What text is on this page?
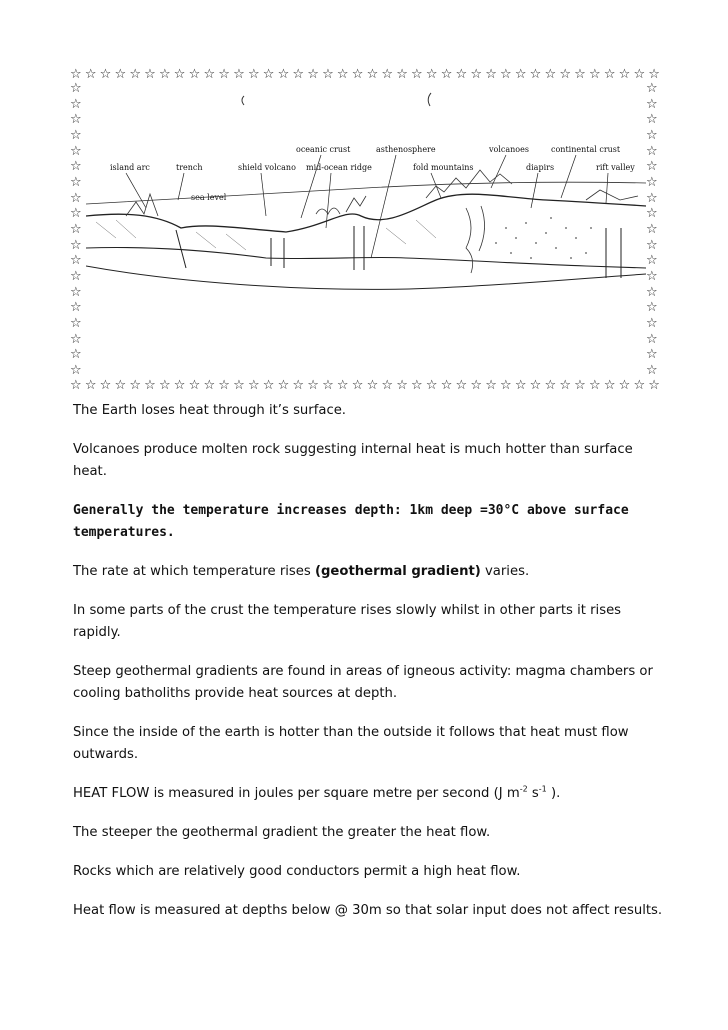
☆ ☆ ☆ ☆ ☆ ☆ ☆ ☆ ☆ ☆ ☆ ☆ ☆ ☆ ☆ ☆ ☆ ☆ ☆ ☆ ☆ ☆ ☆ ☆ ☆ ☆ ☆ ☆ ☆ ☆ ☆ ☆ ☆ ☆ ☆ ☆ ☆ ☆ ☆ ☆
☆ ☆ ☆ ☆ ☆ ☆ ☆ ☆ ☆ ☆ ☆ ☆ ☆ ☆ ☆ ☆ ☆ ☆ ☆ ☆ ☆ ☆ ☆ ☆ ☆ ☆ ☆ ☆ ☆ ☆ ☆ ☆ ☆ ☆ ☆ ☆ ☆ ☆ ☆ ☆
☆
☆
☆
☆
☆
☆
☆
☆
☆
☆
☆
☆
☆
☆
☆
☆
☆
☆
☆
☆
☆
☆
☆
☆
☆
☆
☆
☆
☆
☆
☆
☆
☆
☆
☆
☆
☆
☆
oceanic crust	asthenosphere	volcanoes	continental crust
island arc	trench	shield volcano mid-ocean ridge	fold mountains	diapirs	rift valley
sea level

The Earth loses heat through it’s surface.

Volcanoes produce molten rock suggesting internal heat is much hotter than surface heat.

Generally the temperature increases depth: 1km deep =30°C above surface temperatures.

The rate at which temperature rises (geothermal gradient) varies.

In some parts of the crust the temperature rises slowly whilst in other parts it rises rapidly.

Steep geothermal gradients are found in areas of igneous activity: magma chambers or cooling batholiths provide heat sources at depth.

Since the inside of the earth is hotter than the outside it follows that heat must flow outwards.

HEAT FLOW is measured in joules per square metre per second (J $m^{-2}$ $s^{-1}$ ).

The steeper the geothermal gradient the greater the heat flow.

Rocks which are relatively good conductors permit a high heat flow.

Heat flow is measured at depths below @ 30m so that solar input does not affect results.
